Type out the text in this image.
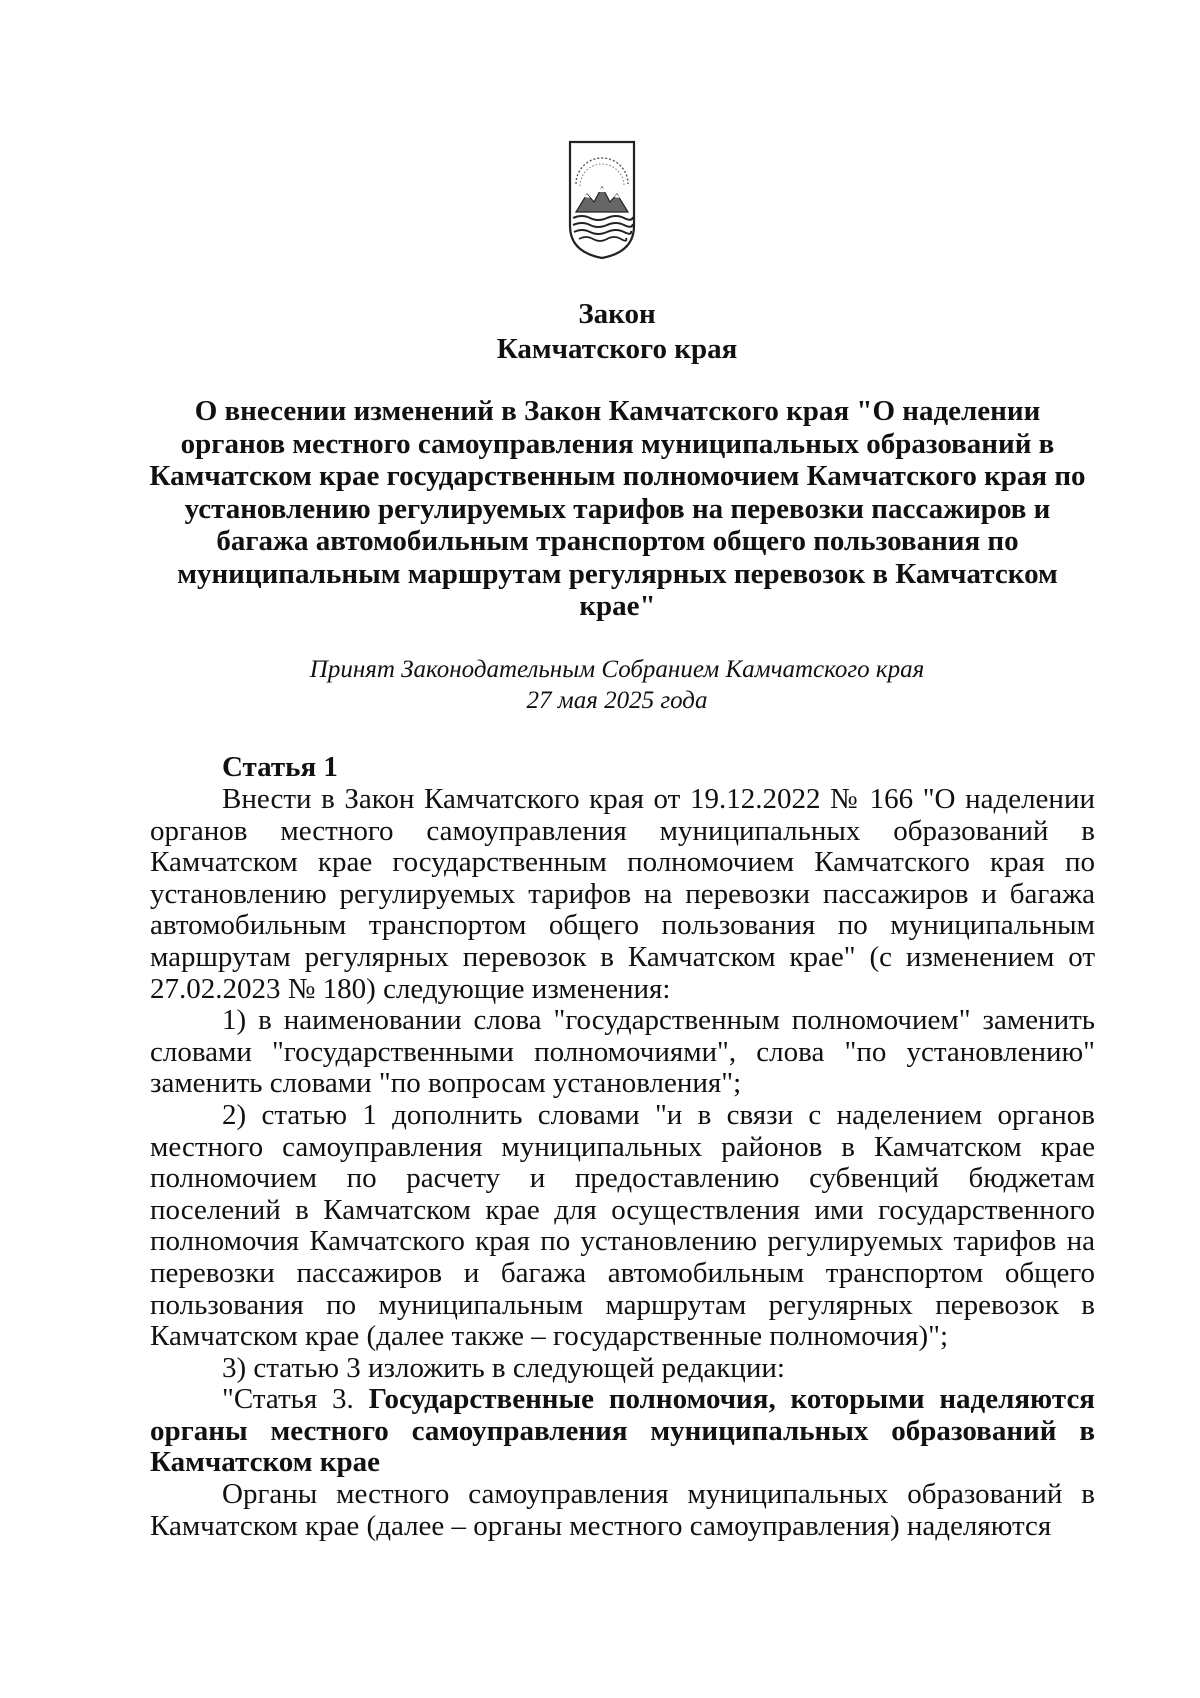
Закон
Камчатского края
О внесении изменений в Закон Камчатского края "О наделении органов местного самоуправления муниципальных образований в Камчатском крае государственным полномочием Камчатского края по установлению регулируемых тарифов на перевозки пассажиров и багажа автомобильным транспортом общего пользования по муниципальным маршрутам регулярных перевозок в Камчатском крае"
Принят Законодательным Собранием Камчатского края
27 мая 2025 года
Статья 1

Внести в Закон Камчатского края от 19.12.2022 № 166 "О наделении органов местного самоуправления муниципальных образований в Камчатском крае государственным полномочием Камчатского края по установлению регулируемых тарифов на перевозки пассажиров и багажа автомобильным транспортом общего пользования по муниципальным маршрутам регулярных перевозок в Камчатском крае" (с изменением от 27.02.2023 № 180) следующие изменения:

1) в наименовании слова "государственным полномочием" заменить словами "государственными полномочиями", слова "по установлению" заменить словами "по вопросам установления";

2) статью 1 дополнить словами "и в связи с наделением органов местного самоуправления муниципальных районов в Камчатском крае полномочием по расчету и предоставлению субвенций бюджетам поселений в Камчатском крае для осуществления ими государственного полномочия Камчатского края по установлению регулируемых тарифов на перевозки пассажиров и багажа автомобильным транспортом общего пользования по муниципальным маршрутам регулярных перевозок в Камчатском крае (далее также – государственные полномочия)";

3) статью 3 изложить в следующей редакции:

"Статья 3. Государственные полномочия, которыми наделяются органы местного самоуправления муниципальных образований в Камчатском крае

Органы местного самоуправления муниципальных образований в Камчатском крае (далее – органы местного самоуправления) наделяются
